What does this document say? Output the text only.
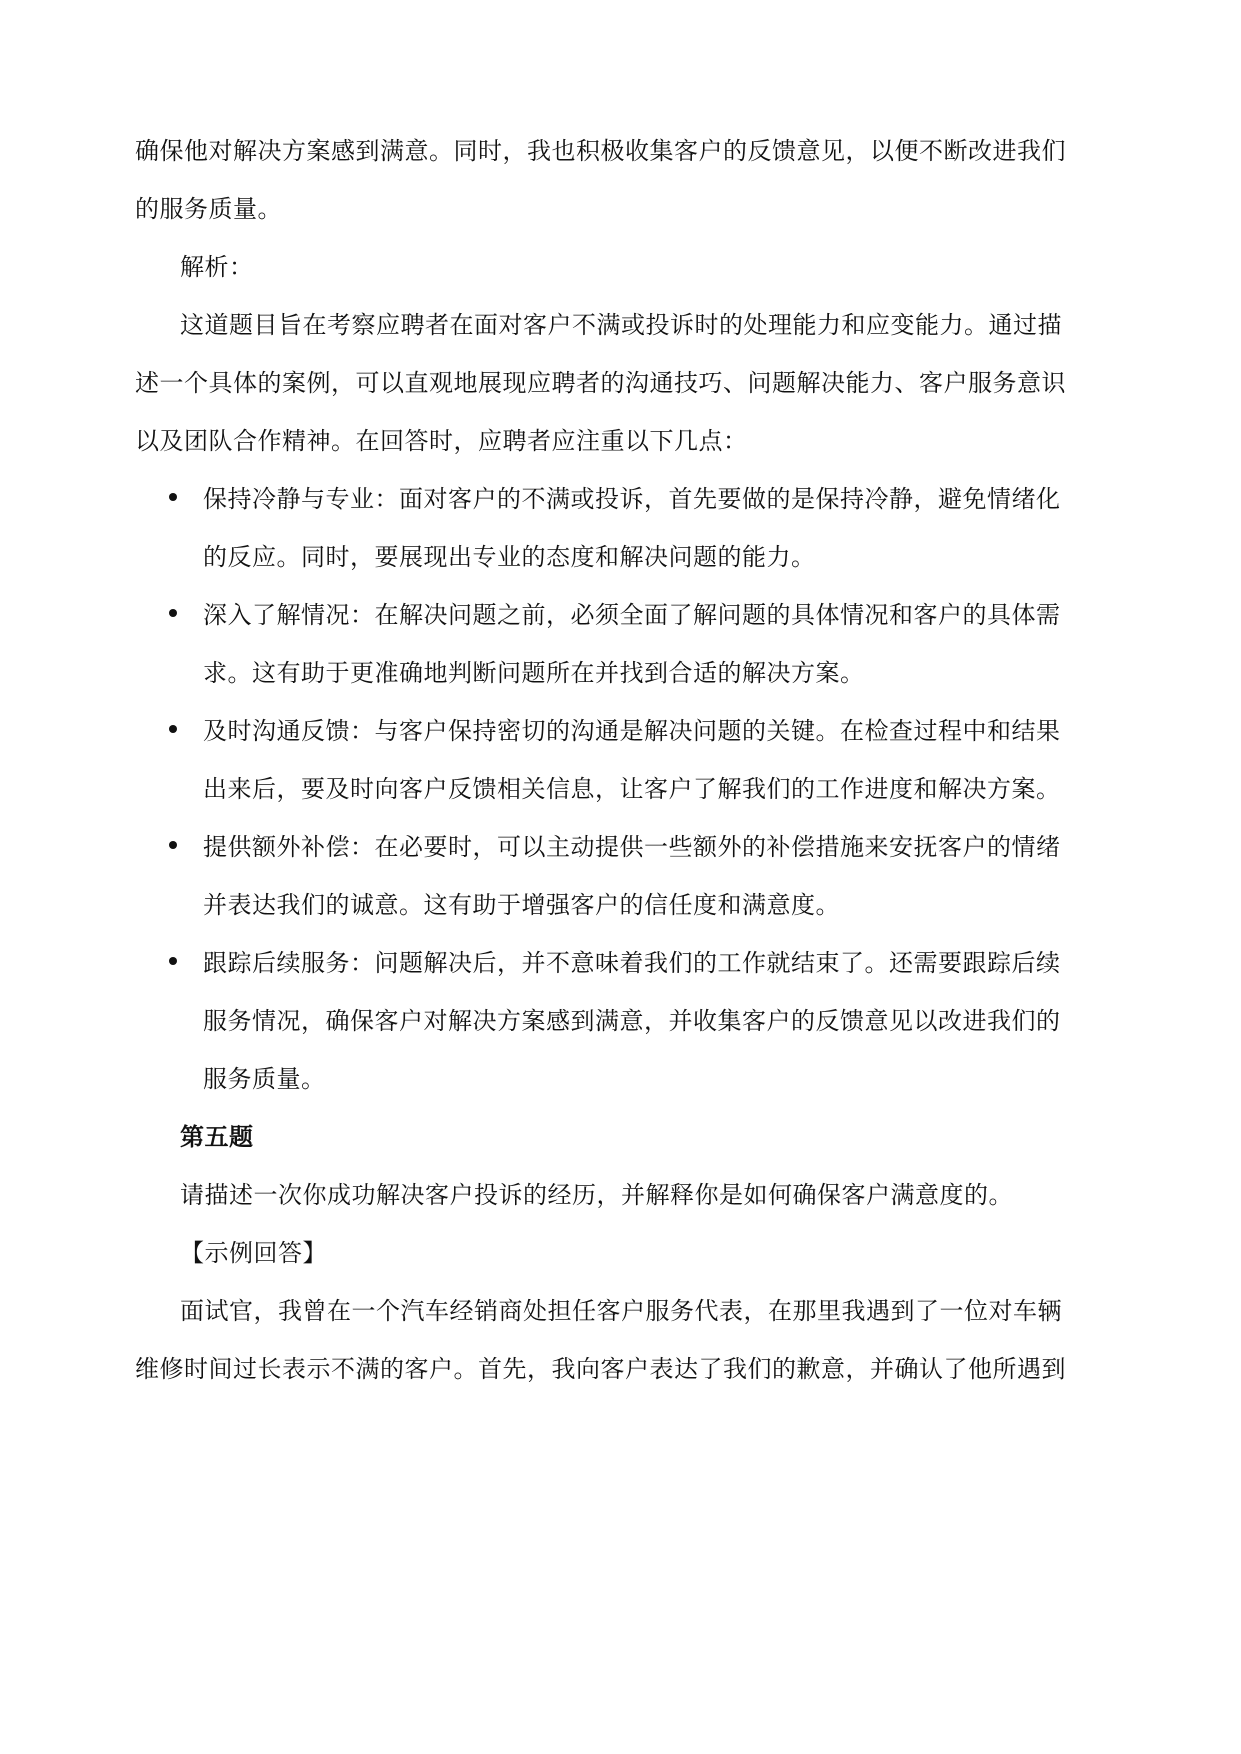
确保他对解决方案感到满意。同时，我也积极收集客户的反馈意见，以便不断改进我们
的服务质量。
解析：
这道题目旨在考察应聘者在面对客户不满或投诉时的处理能力和应变能力。通过描
述一个具体的案例，可以直观地展现应聘者的沟通技巧、问题解决能力、客户服务意识
以及团队合作精神。在回答时，应聘者应注重以下几点：
保持冷静与专业：面对客户的不满或投诉，首先要做的是保持冷静，避免情绪化
的反应。同时，要展现出专业的态度和解决问题的能力。
深入了解情况：在解决问题之前，必须全面了解问题的具体情况和客户的具体需
求。这有助于更准确地判断问题所在并找到合适的解决方案。
及时沟通反馈：与客户保持密切的沟通是解决问题的关键。在检查过程中和结果
出来后，要及时向客户反馈相关信息，让客户了解我们的工作进度和解决方案。
提供额外补偿：在必要时，可以主动提供一些额外的补偿措施来安抚客户的情绪
并表达我们的诚意。这有助于增强客户的信任度和满意度。
跟踪后续服务：问题解决后，并不意味着我们的工作就结束了。还需要跟踪后续
服务情况，确保客户对解决方案感到满意，并收集客户的反馈意见以改进我们的
服务质量。
第五题
请描述一次你成功解决客户投诉的经历，并解释你是如何确保客户满意度的。
【示例回答】
面试官，我曾在一个汽车经销商处担任客户服务代表，在那里我遇到了一位对车辆
维修时间过长表示不满的客户。首先，我向客户表达了我们的歉意，并确认了他所遇到
